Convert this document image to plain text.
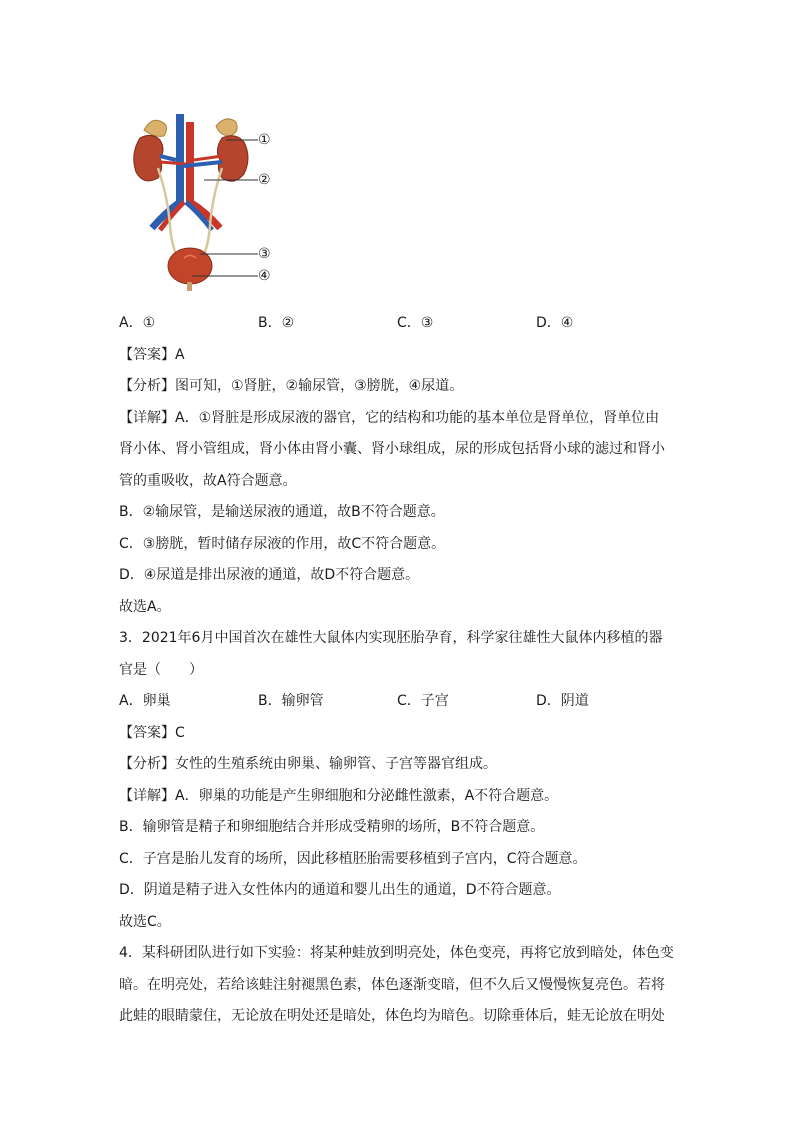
①
②
③
④
A．①	B．②	C．③	D．④
【答案】A
【分析】图可知，①肾脏，②输尿管，③膀胱，④尿道。
【详解】A．①肾脏是形成尿液的器官，它的结构和功能的基本单位是肾单位，肾单位由
肾小体、肾小管组成，肾小体由肾小囊、肾小球组成，尿的形成包括肾小球的滤过和肾小
管的重吸收，故A符合题意。
B．②输尿管，是输送尿液的通道，故B不符合题意。
C．③膀胱，暂时储存尿液的作用，故C不符合题意。
D．④尿道是排出尿液的通道，故D不符合题意。
故选A。
3．2021年6月中国首次在雄性大鼠体内实现胚胎孕育，科学家往雄性大鼠体内移植的器
官是（　　）
A．卵巢	B．输卵管	C．子宫	D．阴道
【答案】C
【分析】女性的生殖系统由卵巢、输卵管、子宫等器官组成。
【详解】A．卵巢的功能是产生卵细胞和分泌雌性激素，A不符合题意。
B．输卵管是精子和卵细胞结合并形成受精卵的场所，B不符合题意。
C．子宫是胎儿发育的场所，因此移植胚胎需要移植到子宫内，C符合题意。
D．阴道是精子进入女性体内的通道和婴儿出生的通道，D不符合题意。
故选C。
4．某科研团队进行如下实验：将某种蛙放到明亮处，体色变亮，再将它放到暗处，体色变
暗。在明亮处，若给该蛙注射褪黑色素，体色逐渐变暗，但不久后又慢慢恢复亮色。若将
此蛙的眼睛蒙住，无论放在明处还是暗处，体色均为暗色。切除垂体后，蛙无论放在明处
